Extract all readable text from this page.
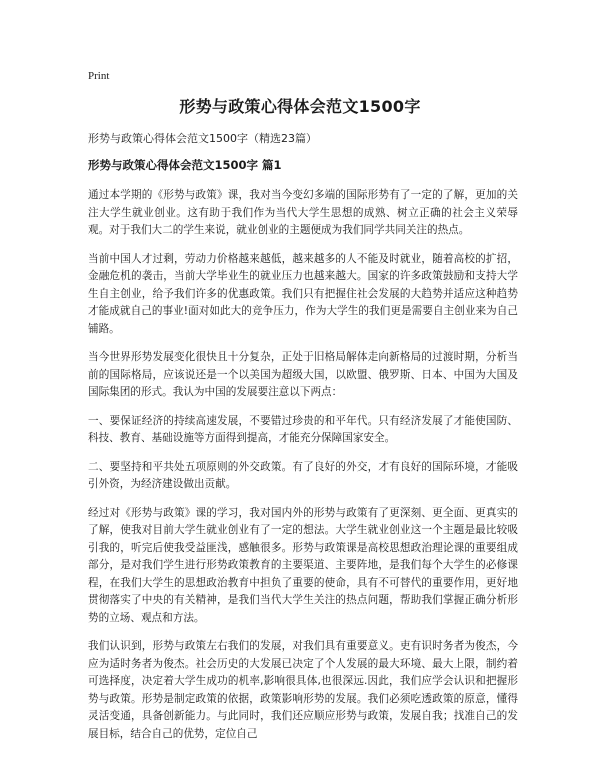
Print
形势与政策心得体会范文1500字
形势与政策心得体会范文1500字（精选23篇）
形势与政策心得体会范文1500字 篇1

通过本学期的《形势与政策》课，我对当今变幻多端的国际形势有了一定的了解，更加的关注大学生就业创业。这有助于我们作为当代大学生思想的成熟、树立正确的社会主义荣辱观。对于我们大二的学生来说，就业创业的主题便成为我们同学共同关注的热点。

当前中国人才过剩，劳动力价格越来越低，越来越多的人不能及时就业，随着高校的扩招，金融危机的袭击，当前大学毕业生的就业压力也越来越大。国家的许多政策鼓励和支持大学生自主创业，给予我们许多的优惠政策。我们只有把握住社会发展的大趋势并适应这种趋势才能成就自己的事业!面对如此大的竞争压力，作为大学生的我们更是需要自主创业来为自己铺路。

当今世界形势发展变化很快且十分复杂，正处于旧格局解体走向新格局的过渡时期，分析当前的国际格局，应该说还是一个以美国为超级大国，以欧盟、俄罗斯、日本、中国为大国及国际集团的形式。我认为中国的发展要注意以下两点：

一、要保证经济的持续高速发展，不要错过珍贵的和平年代。只有经济发展了才能使国防、科技、教育、基础设施等方面得到提高，才能充分保障国家安全。

二、要坚持和平共处五项原则的外交政策。有了良好的外交，才有良好的国际环境，才能吸引外资，为经济建设做出贡献。

经过对《形势与政策》课的学习，我对国内外的形势与政策有了更深刻、更全面、更真实的了解，使我对目前大学生就业创业有了一定的想法。大学生就业创业这一个主题是最比较吸引我的，听完后使我受益匪浅，感触很多。形势与政策课是高校思想政治理论课的重要组成部分，是对我们学生进行形势政策教育的主要渠道、主要阵地，是我们每个大学生的必修课程，在我们大学生的思想政治教育中担负了重要的使命，具有不可替代的重要作用，更好地贯彻落实了中央的有关精神，是我们当代大学生关注的热点问题，帮助我们掌握正确分析形势的立场、观点和方法。

我们认识到，形势与政策左右我们的发展，对我们具有重要意义。吏有识时务者为俊杰，今应为适时务者为俊杰。社会历史的大发展已决定了个人发展的最大环境、最大上限，制约着可选择度，决定着大学生成功的机率,影响很具体,也很深远.因此，我们应学会认识和把握形势与政策。形势是制定政策的依据，政策影响形势的发展。我们必须吃透政策的原意，懂得灵活变通，具备创新能力。与此同时，我们还应顺应形势与政策，发展自我；找准自己的发展目标，结合自己的优势，定位自己
